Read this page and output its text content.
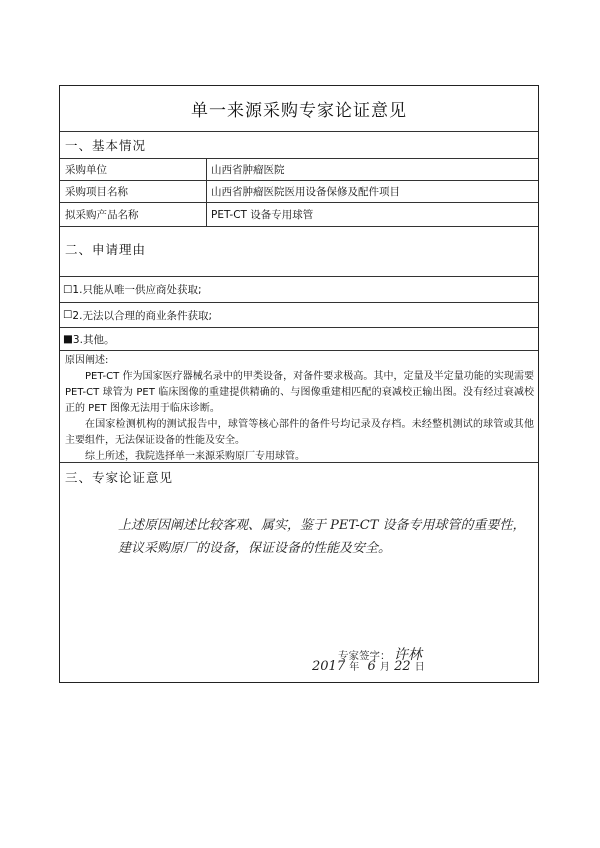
单一来源采购专家论证意见
一、基本情况
采购单位	山西省肿瘤医院
采购项目名称	山西省肿瘤医院医用设备保修及配件项目
拟采购产品名称	PET-CT 设备专用球管
二、申请理由
☐ 1.只能从唯一供应商处获取;
☐ 2.无法以合理的商业条件获取;
■ 3.其他。

原因阐述:

PET-CT 作为国家医疗器械名录中的甲类设备，对备件要求极高。其中，定量及半定量功能的实现需要 PET-CT 球管为 PET 临床图像的重建提供精确的、与图像重建相匹配的衰减校正输出图。没有经过衰减校正的 PET 图像无法用于临床诊断。

在国家检测机构的测试报告中，球管等核心部件的备件号均记录及存档。未经整机测试的球管或其他主要组件，无法保证设备的性能及安全。

综上所述，我院选择单一来源采购原厂专用球管。

三、专家论证意见
上述原因阐述比较客观、属实，鉴于 PET-CT 设备专用球管的重要性，建议采购原厂的设备，保证设备的性能及安全。
专家签字： 许林
2017 年 6 月 22 日
